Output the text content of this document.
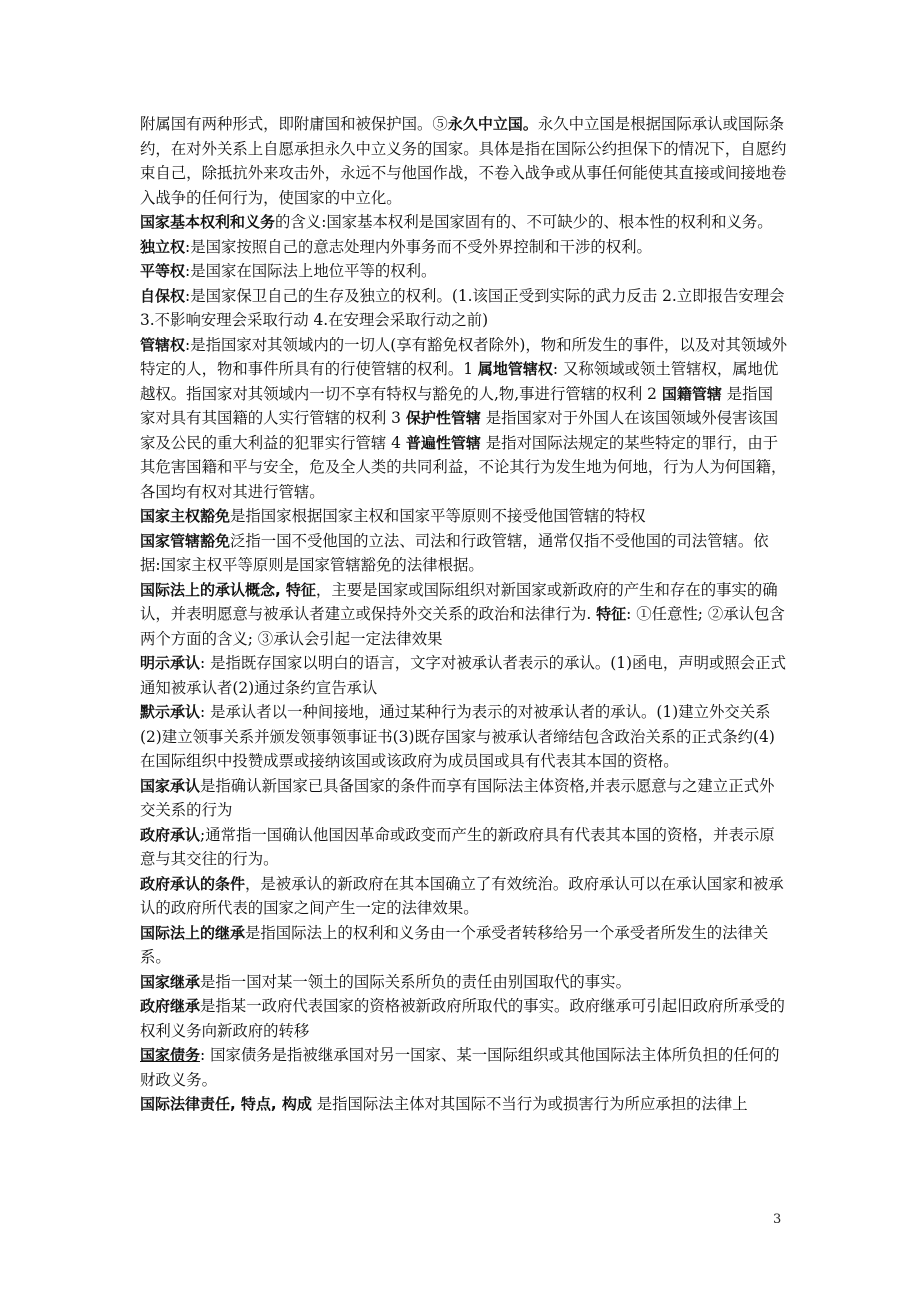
附属国有两种形式，即附庸国和被保护国。⑤永久中立国。永久中立国是根据国际承认或国际条约，在对外关系上自愿承担永久中立义务的国家。具体是指在国际公约担保下的情况下，自愿约束自己，除抵抗外来攻击外，永远不与他国作战，不卷入战争或从事任何能使其直接或间接地卷入战争的任何行为，使国家的中立化。

国家基本权利和义务的含义:国家基本权利是国家固有的、不可缺少的、根本性的权利和义务。

独立权:是国家按照自己的意志处理内外事务而不受外界控制和干涉的权利。

平等权:是国家在国际法上地位平等的权利。

自保权:是国家保卫自己的生存及独立的权利。(1.该国正受到实际的武力反击 2.立即报告安理会 3.不影响安理会采取行动 4.在安理会采取行动之前)

管辖权:是指国家对其领域内的一切人(享有豁免权者除外)，物和所发生的事件，以及对其领域外特定的人，物和事件所具有的行使管辖的权利。1 属地管辖权: 又称领域或领土管辖权，属地优越权。指国家对其领域内一切不享有特权与豁免的人,物,事进行管辖的权利 2 国籍管辖 是指国家对具有其国籍的人实行管辖的权利 3 保护性管辖 是指国家对于外国人在该国领域外侵害该国家及公民的重大利益的犯罪实行管辖 4 普遍性管辖 是指对国际法规定的某些特定的罪行，由于其危害国籍和平与安全，危及全人类的共同利益，不论其行为发生地为何地，行为人为何国籍，各国均有权对其进行管辖。

国家主权豁免是指国家根据国家主权和国家平等原则不接受他国管辖的特权

国家管辖豁免泛指一国不受他国的立法、司法和行政管辖，通常仅指不受他国的司法管辖。依据:国家主权平等原则是国家管辖豁免的法律根据。

国际法上的承认概念, 特征，主要是国家或国际组织对新国家或新政府的产生和存在的事实的确认，并表明愿意与被承认者建立或保持外交关系的政治和法律行为. 特征: ①任意性; ②承认包含两个方面的含义; ③承认会引起一定法律效果

明示承认: 是指既存国家以明白的语言，文字对被承认者表示的承认。(1)函电，声明或照会正式通知被承认者(2)通过条约宣告承认

默示承认: 是承认者以一种间接地，通过某种行为表示的对被承认者的承认。(1)建立外交关系(2)建立领事关系并颁发领事领事证书(3)既存国家与被承认者缔结包含政治关系的正式条约(4)在国际组织中投赞成票或接纳该国或该政府为成员国或具有代表其本国的资格。

国家承认是指确认新国家已具备国家的条件而享有国际法主体资格,并表示愿意与之建立正式外交关系的行为

政府承认;通常指一国确认他国因革命或政变而产生的新政府具有代表其本国的资格，并表示原意与其交往的行为。

政府承认的条件，是被承认的新政府在其本国确立了有效统治。政府承认可以在承认国家和被承认的政府所代表的国家之间产生一定的法律效果。

国际法上的继承是指国际法上的权利和义务由一个承受者转移给另一个承受者所发生的法律关系。

国家继承是指一国对某一领土的国际关系所负的责任由别国取代的事实。

政府继承是指某一政府代表国家的资格被新政府所取代的事实。政府继承可引起旧政府所承受的权利义务向新政府的转移

国家债务: 国家债务是指被继承国对另一国家、某一国际组织或其他国际法主体所负担的任何的财政义务。

国际法律责任, 特点, 构成 是指国际法主体对其国际不当行为或损害行为所应承担的法律上

3
